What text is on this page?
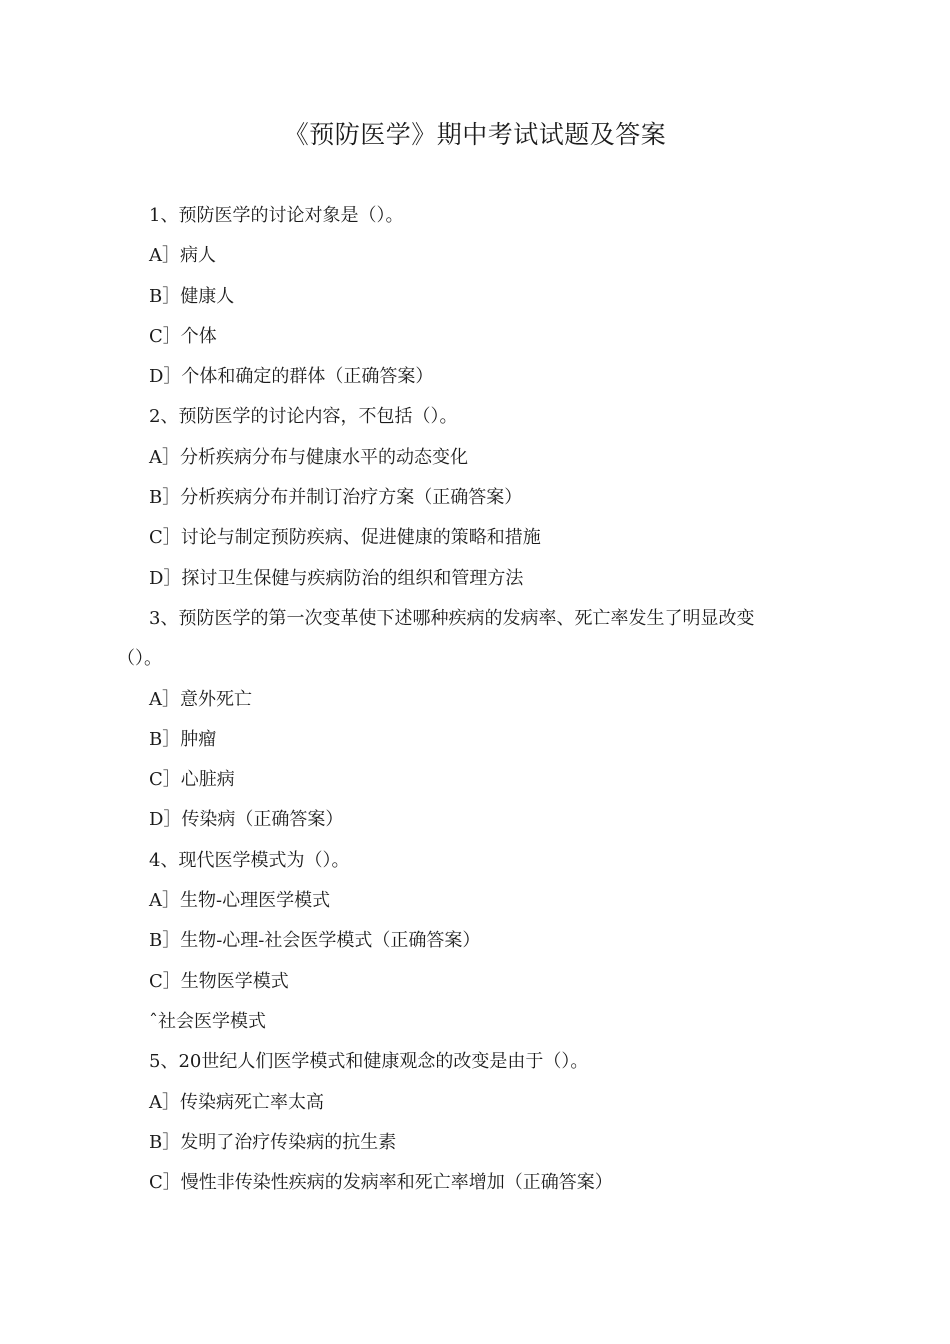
《预防医学》期中考试试题及答案
1、预防医学的讨论对象是（）。
A］病人
B］健康人
C］个体
D］个体和确定的群体（正确答案）
2、预防医学的讨论内容，不包括（）。
A］分析疾病分布与健康水平的动态变化
B］分析疾病分布并制订治疗方案（正确答案）
C］讨论与制定预防疾病、促进健康的策略和措施
D］探讨卫生保健与疾病防治的组织和管理方法
3、预防医学的第一次变革使下述哪种疾病的发病率、死亡率发生了明显改变
（）。
A］意外死亡
B］肿瘤
C］心脏病
D］传染病（正确答案）
4、现代医学模式为（）。
A］生物-心理医学模式
B］生物-心理-社会医学模式（正确答案）
C］生物医学模式
ˆ社会医学模式
5、20世纪人们医学模式和健康观念的改变是由于（）。
A］传染病死亡率太高
B］发明了治疗传染病的抗生素
C］慢性非传染性疾病的发病率和死亡率增加（正确答案）
